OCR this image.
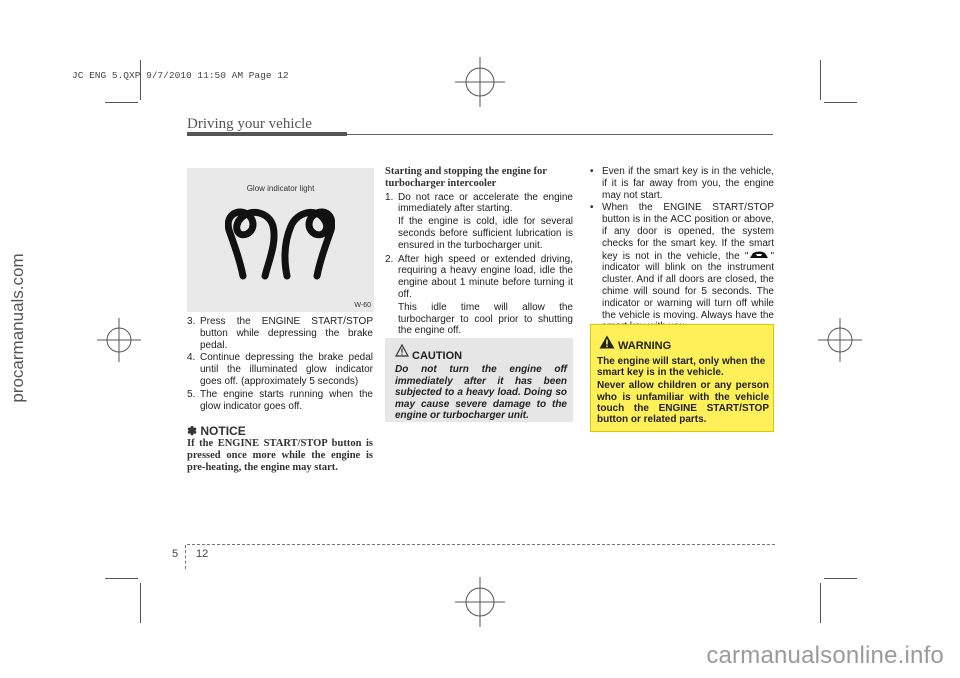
JC ENG 5.QXP 9/7/2010 11:50 AM Page 12
procarmanuals.com
Driving your vehicle
Glow indicator light
W-60
3. Press the ENGINE START/STOP button while depressing the brake pedal.
4. Continue depressing the brake pedal until the illuminated glow indicator goes off. (approximately 5 seconds)
5. The engine starts running when the glow indicator goes off.
✽ NOTICE
If the ENGINE START/STOP button is pressed once more while the engine is pre-heating, the engine may start.
Starting and stopping the engine for turbocharger intercooler
1. Do not race or accelerate the engine immediately after starting.
If the engine is cold, idle for several seconds before sufficient lubrication is ensured in the turbocharger unit.
2. After high speed or extended driving, requiring a heavy engine load, idle the engine about 1 minute before turning it off.
This idle time will allow the turbocharger to cool prior to shutting the engine off.
CAUTION
Do not turn the engine off immediately after it has been subjected to a heavy load. Doing so may cause severe damage to the engine or turbocharger unit.
• Even if the smart key is in the vehicle, if it is far away from you, the engine may not start.
• When the ENGINE START/STOP button is in the ACC position or above, if any door is opened, the system checks for the smart key. If the smart key is not in the vehicle, the " " indicator will blink on the instrument cluster. And if all doors are closed, the chime will sound for 5 seconds. The indicator or warning will turn off while the vehicle is moving. Always have the
WARNING
The engine will start, only when the smart key is in the vehicle.
Never allow children or any person who is unfamiliar with the vehicle touch the ENGINE START/STOP button or related parts.
5 12
carmanualsonline.info
